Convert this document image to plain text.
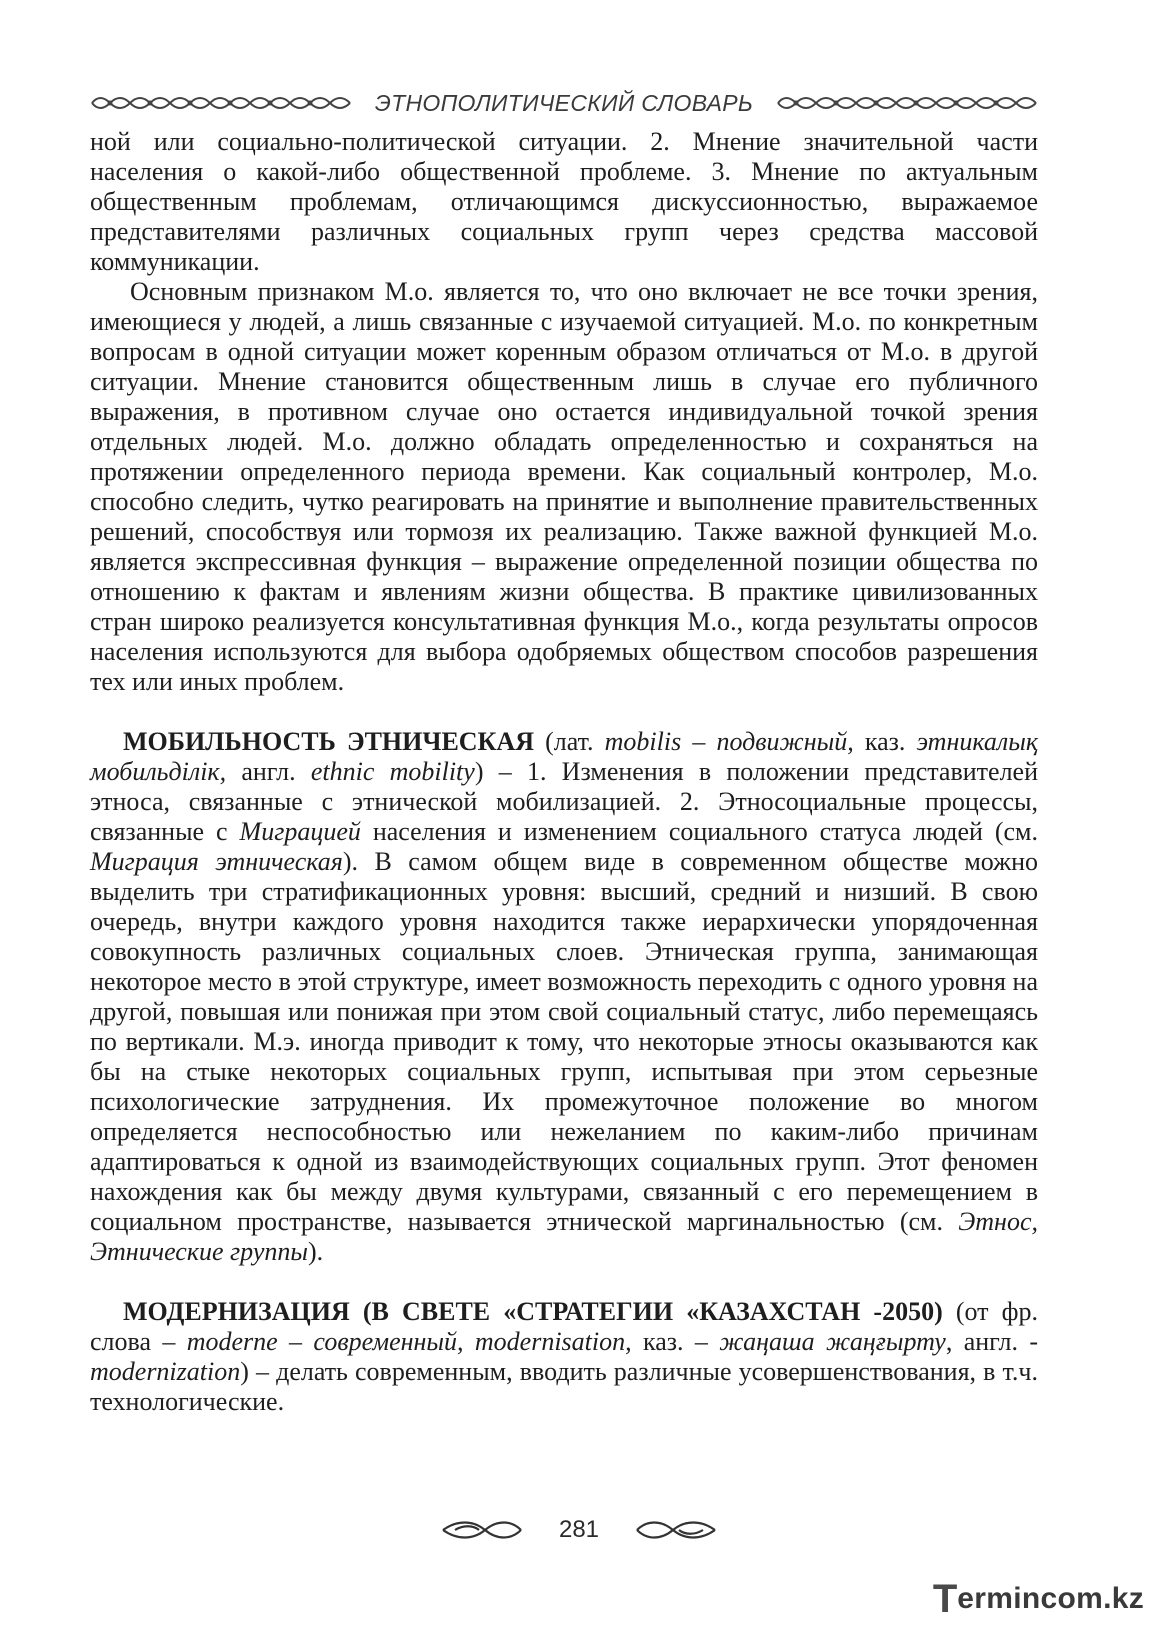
ЭТНОПОЛИТИЧЕСКИЙ СЛОВАРЬ

ной или социально-политической ситуации. 2. Мнение значительной части населения о какой-либо общественной проблеме. 3. Мнение по актуальным общественным проблемам, отличающимся дискуссионностью, выражаемое представителями различных социальных групп через средства массовой коммуникации.

Основным признаком М.о. является то, что оно включает не все точки зрения, имеющиеся у людей, а лишь связанные с изучаемой ситуацией. М.о. по конкретным вопросам в одной ситуации может коренным образом отличаться от М.о. в другой ситуации. Мнение становится общественным лишь в случае его публичного выражения, в противном случае оно остается индивидуальной точкой зрения отдельных людей. М.о. должно обладать определенностью и сохраняться на протяжении определенного периода времени. Как социальный контролер, М.о. способно следить, чутко реагировать на принятие и выполнение правительственных решений, способствуя или тормозя их реализацию. Также важной функцией М.о. является экспрессивная функция – выражение определенной позиции общества по отношению к фактам и явлениям жизни общества. В практике цивилизованных стран широко реализуется консультативная функция М.о., когда результаты опросов населения используются для выбора одобряемых обществом способов разрешения тех или иных проблем.

МОБИЛЬНОСТЬ ЭТНИЧЕСКАЯ (лат. mobilis – подвижный, каз. этникалық мобильділік, англ. ethnic mobility) – 1. Изменения в положении представителей этноса, связанные с этнической мобилизацией. 2. Этносоциальные процессы, связанные с Миграцией населения и изменением социального статуса людей (см. Миграция этническая). В самом общем виде в современном обществе можно выделить три стратификационных уровня: высший, средний и низший. В свою очередь, внутри каждого уровня находится также иерархически упорядоченная совокупность различных социальных слоев. Этническая группа, занимающая некоторое место в этой структуре, имеет возможность переходить с одного уровня на другой, повышая или понижая при этом свой социальный статус, либо перемещаясь по вертикали. М.э. иногда приводит к тому, что некоторые этносы оказываются как бы на стыке некоторых социальных групп, испытывая при этом серьезные психологические затруднения. Их промежуточное положение во многом определяется неспособностью или нежеланием по каким-либо причинам адаптироваться к одной из взаимодействующих социальных групп. Этот феномен нахождения как бы между двумя культурами, связанный с его перемещением в социальном пространстве, называется этнической маргинальностью (см. Этнос, Этнические группы).

МОДЕРНИЗАЦИЯ (В СВЕТЕ «СТРАТЕГИИ «КАЗАХСТАН -2050) (от фр. слова – moderne – современный, modernisation, каз. – жаңаша жаңғырту, англ. - modernization) – делать современным, вводить различные усовершенствования, в т.ч. технологические.

281
T erminc o m.kz
